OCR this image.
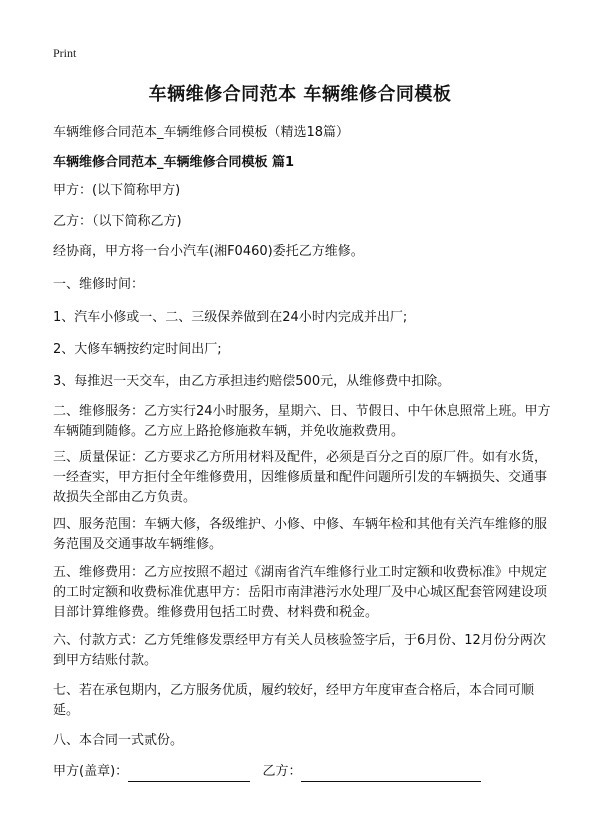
Print
车辆维修合同范本 车辆维修合同模板
车辆维修合同范本_车辆维修合同模板（精选18篇）
车辆维修合同范本_车辆维修合同模板 篇1
甲方：(以下简称甲方)
乙方：（以下简称乙方)
经协商，甲方将一台小汽车(湘F0460)委托乙方维修。
一、维修时间：
1、汽车小修或一、二、三级保养做到在24小时内完成并出厂;
2、大修车辆按约定时间出厂;
3、每推迟一天交车，由乙方承担违约赔偿500元，从维修费中扣除。
二、维修服务：乙方实行24小时服务，星期六、日、节假日、中午休息照常上班。甲方车辆随到随修。乙方应上路抢修施救车辆，并免收施救费用。
三、质量保证：乙方要求乙方所用材料及配件，必须是百分之百的原厂件。如有水货，一经查实，甲方拒付全年维修费用，因维修质量和配件问题所引发的车辆损失、交通事故损失全部由乙方负责。
四、服务范围：车辆大修，各级维护、小修、中修、车辆年检和其他有关汽车维修的服务范围及交通事故车辆维修。
五、维修费用：乙方应按照不超过《湖南省汽车维修行业工时定额和收费标准》中规定的工时定额和收费标准优惠甲方：岳阳市南津港污水处理厂及中心城区配套管网建设项目部计算维修费。维修费用包括工时费、材料费和税金。
六、付款方式：乙方凭维修发票经甲方有关人员核验签字后，于6月份、12月份分两次到甲方结账付款。
七、若在承包期内，乙方服务优质，履约较好，经甲方年度审查合格后，本合同可顺延。
八、本合同一式贰份。
甲方(盖章)：	乙方：
